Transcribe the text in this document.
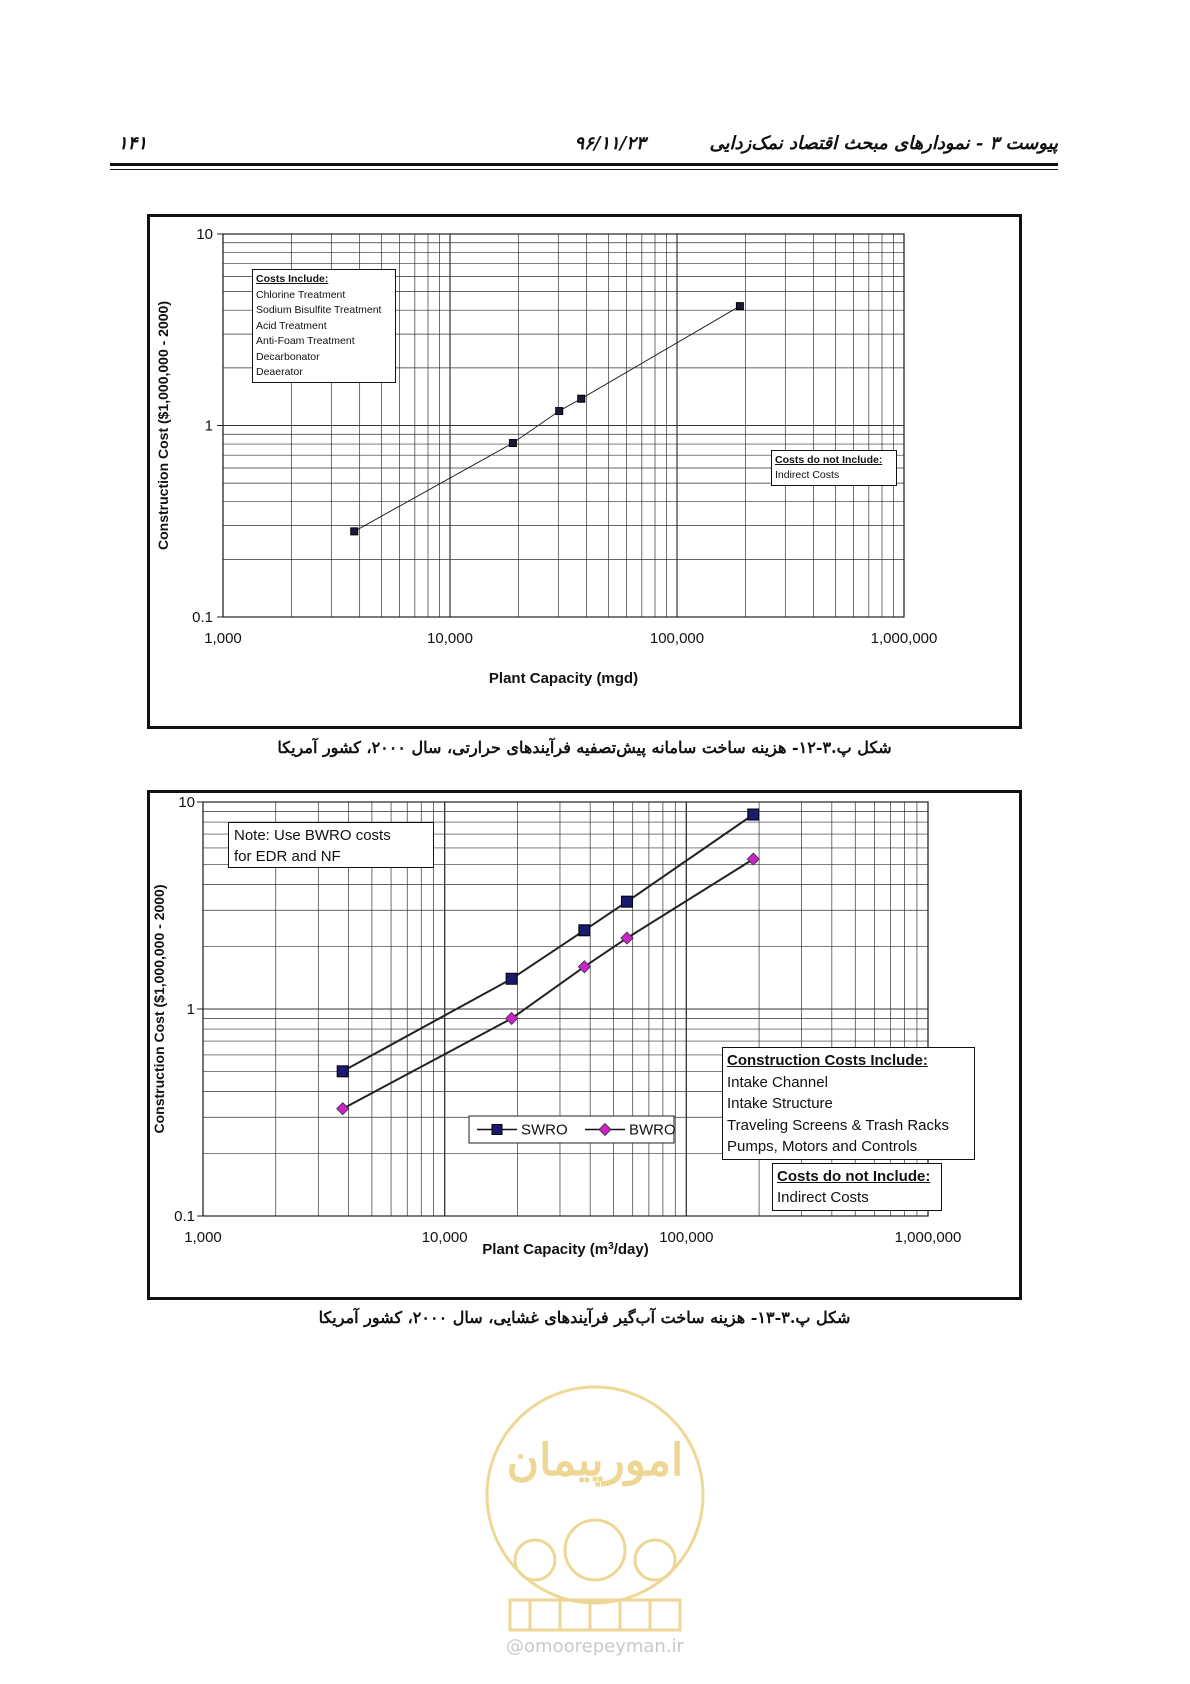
۱۴۱	۹۶/۱۱/۲۳	پیوست ۳ - نمودارهای مبحث اقتصاد نمک‌زدایی
1,000	10,000	100,000	1,000,000
0.1
1
10
Plant Capacity (mgd)
Construction Cost ($1,000,000 - 2000)
Costs Include:
Chlorine Treatment
Sodium Bisulfite Treatment
Acid Treatment
Anti-Foam Treatment
Decarbonator
Deaerator
Costs do not Include:
Indirect Costs
شکل پ.۳-۱۲- هزینه ساخت سامانه پیش‌تصفیه فرآیندهای حرارتی، سال ۲۰۰۰، کشور آمریکا
1,000	10,000	100,000	1,000,000
0.1
1
10
Plant Capacity $(m^3/day)$
Construction Cost ($1,000,000 - 2000)	SWRO	BWRO
Note: Use BWRO costs
for EDR and NF
Construction Costs Include:
Intake Channel
Intake Structure
Traveling Screens & Trash Racks
Pumps, Motors and Controls
Costs do not Include:
Indirect Costs
شکل پ.۳-۱۳- هزینه ساخت آب‌گیر فرآیندهای غشایی، سال ۲۰۰۰، کشور آمریکا
امورپیمان
@omoorepeyman.ir
